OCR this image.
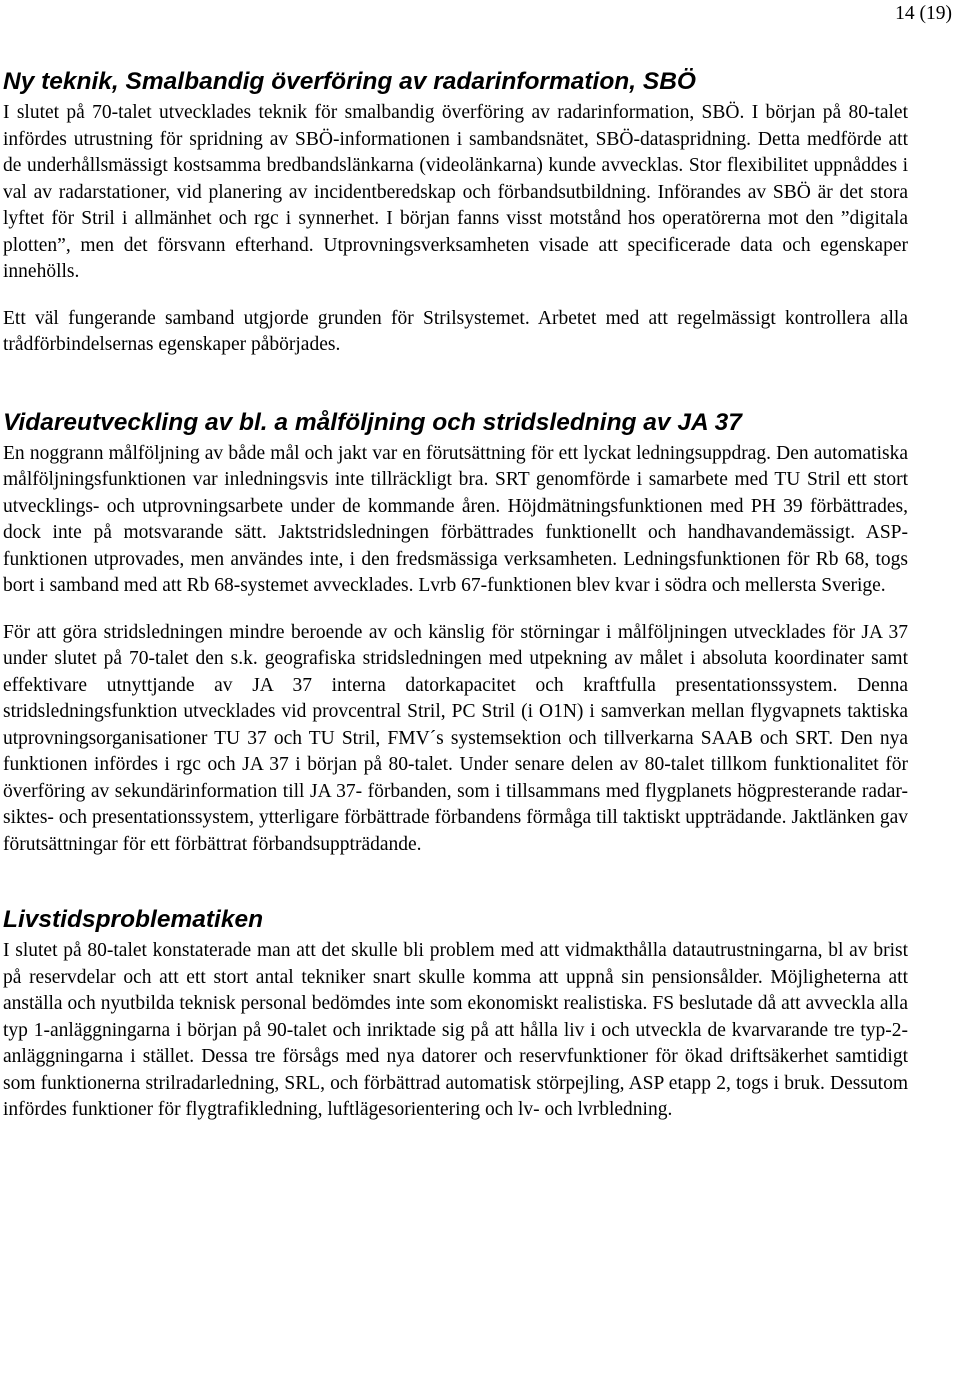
14 (19)
Ny teknik, Smalbandig överföring av radarinformation, SBÖ

I slutet på 70-talet utvecklades teknik för smalbandig överföring av radarinformation, SBÖ. I början på 80-talet infördes utrustning för spridning av SBÖ-informationen i sambandsnätet, SBÖ-dataspridning. Detta medförde att de underhållsmässigt kostsamma bredbandslänkarna (videolänkarna) kunde avvecklas. Stor flexibilitet uppnåddes i val av radarstationer, vid planering av incidentberedskap och förbandsutbildning. Införandes av SBÖ är det stora lyftet för Stril i allmänhet och rgc i synnerhet. I början fanns visst motstånd hos operatörerna mot den ”digitala plotten”, men det försvann efterhand. Utprovningsverksamheten visade att specificerade data och egenskaper innehölls.

Ett väl fungerande samband utgjorde grunden för Strilsystemet. Arbetet med att regelmässigt kontrollera alla trådförbindelsernas egenskaper påbörjades.

Vidareutveckling av bl. a målföljning och stridsledning av JA 37

En noggrann målföljning av både mål och jakt var en förutsättning för ett lyckat ledningsuppdrag. Den automatiska målföljningsfunktionen var inledningsvis inte tillräckligt bra. SRT genomförde i samarbete med TU Stril ett stort utvecklings- och utprovningsarbete under de kommande åren. Höjdmätningsfunktionen med PH 39 förbättrades, dock inte på motsvarande sätt. Jaktstridsledningen förbättrades funktionellt och handhavandemässigt. ASP-funktionen utprovades, men användes inte, i den fredsmässiga verksamheten. Ledningsfunktionen för Rb 68, togs bort i samband med att Rb 68-systemet avvecklades. Lvrb 67-funktionen blev kvar i södra och mellersta Sverige.

För att göra stridsledningen mindre beroende av och känslig för störningar i målföljningen utvecklades för JA 37 under slutet på 70-talet den s.k. geografiska stridsledningen med utpekning av målet i absoluta koordinater samt effektivare utnyttjande av JA 37 interna datorkapacitet och kraftfulla presentationssystem. Denna stridsledningsfunktion utvecklades vid provcentral Stril, PC Stril (i O1N) i samverkan mellan flygvapnets taktiska utprovningsorganisationer TU 37 och TU Stril, FMV´s systemsektion och tillverkarna SAAB och SRT. Den nya funktionen infördes i rgc och JA 37 i början på 80-talet. Under senare delen av 80-talet tillkom funktionalitet för överföring av sekundärinformation till JA 37- förbanden, som i tillsammans med flygplanets högpresterande radar- siktes- och presentationssystem, ytterligare förbättrade förbandens förmåga till taktiskt uppträdande. Jaktlänken gav förutsättningar för ett förbättrat förbandsuppträdande.

Livstidsproblematiken

I slutet på 80-talet konstaterade man att det skulle bli problem med att vidmakthålla datautrustningarna, bl av brist på reservdelar och att ett stort antal tekniker snart skulle komma att uppnå sin pensionsålder. Möjligheterna att anställa och nyutbilda teknisk personal bedömdes inte som ekonomiskt realistiska. FS beslutade då att avveckla alla typ 1-anläggningarna i början på 90-talet och inriktade sig på att hålla liv i och utveckla de kvarvarande tre typ-2-anläggningarna i stället. Dessa tre försågs med nya datorer och reservfunktioner för ökad driftsäkerhet samtidigt som funktionerna strilradarledning, SRL, och förbättrad automatisk störpejling, ASP etapp 2, togs i bruk. Dessutom infördes funktioner för flygtrafikledning, luftlägesorientering och lv- och lvrbledning.
